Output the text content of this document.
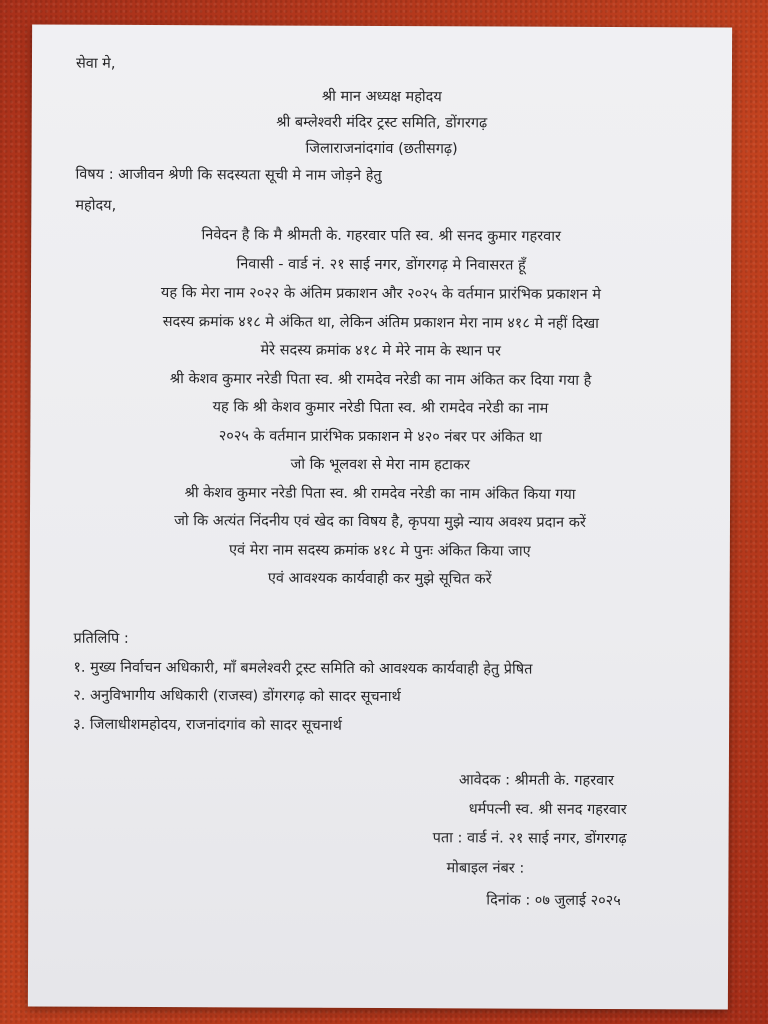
सेवा मे,
श्री मान अध्यक्ष महोदय
श्री बम्लेश्वरी मंदिर ट्रस्ट समिति, डोंगरगढ़
जिलाराजनांदगांव (छतीसगढ़)
विषय : आजीवन श्रेणी कि सदस्यता सूची मे नाम जोड़ने हेतु
महोदय,
निवेदन है कि मै श्रीमती के. गहरवार पति स्व. श्री सनद कुमार गहरवार
निवासी - वार्ड नं. २१ साई नगर, डोंगरगढ़ मे निवासरत हूँ
यह कि मेरा नाम २०२२ के अंतिम प्रकाशन और २०२५ के वर्तमान प्रारंभिक प्रकाशन मे
सदस्य क्रमांक ४१८ मे अंकित था, लेकिन अंतिम प्रकाशन मेरा नाम ४१८ मे नहीं दिखा
मेरे सदस्य क्रमांक ४१८ मे मेरे नाम के स्थान पर
श्री केशव कुमार नरेडी पिता स्व. श्री रामदेव नरेडी का नाम अंकित कर दिया गया है
यह कि श्री केशव कुमार नरेडी पिता स्व. श्री रामदेव नरेडी का नाम
२०२५ के वर्तमान प्रारंभिक प्रकाशन मे ४२० नंबर पर अंकित था
जो कि भूलवश से मेरा नाम हटाकर
श्री केशव कुमार नरेडी पिता स्व. श्री रामदेव नरेडी का नाम अंकित किया गया
जो कि अत्यंत निंदनीय एवं खेद का विषय है, कृपया मुझे न्याय अवश्य प्रदान करें
एवं मेरा नाम सदस्य क्रमांक ४१८ मे पुनः अंकित किया जाए
एवं आवश्यक कार्यवाही कर मुझे सूचित करें
प्रतिलिपि :
१. मुख्य निर्वाचन अधिकारी, माँ बमलेश्वरी ट्रस्ट समिति को आवश्यक कार्यवाही हेतु प्रेषित
२. अनुविभागीय अधिकारी (राजस्व) डोंगरगढ़ को सादर सूचनार्थ
३. जिलाधीशमहोदय, राजनांदगांव को सादर सूचनार्थ
आवेदक : श्रीमती के. गहरवार
धर्मपत्नी स्व. श्री सनद गहरवार
पता : वार्ड नं. २१ साई नगर, डोंगरगढ़
मोबाइल नंबर :
दिनांक : ०७ जुलाई २०२५
